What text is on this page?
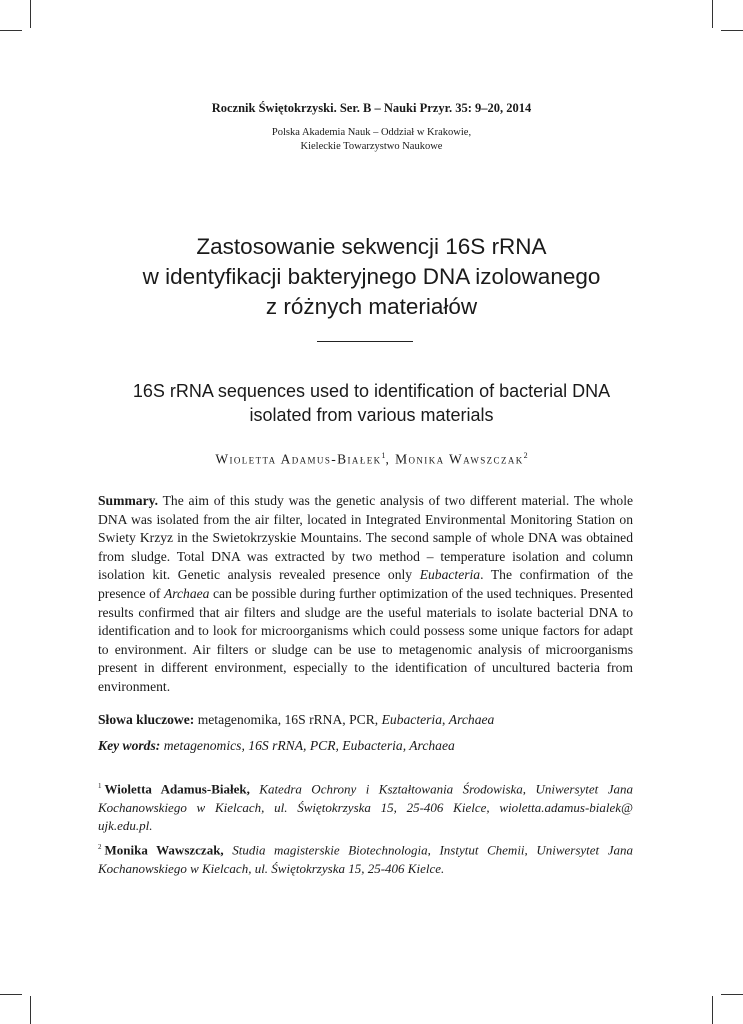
Rocznik Świętokrzyski. Ser. B – Nauki Przyr. 35: 9–20, 2014
Polska Akademia Nauk – Oddział w Krakowie,
Kieleckie Towarzystwo Naukowe
Zastosowanie sekwencji 16S rRNA
w identyfikacji bakteryjnego DNA izolowanego
z różnych materiałów
16S rRNA sequences used to identification of bacterial DNA
isolated from various materials
Wioletta Adamus-Białek$^1$, Monika Wawszczak$^2$
Summary. The aim of this study was the genetic analysis of two different material. The whole DNA was isolated from the air filter, located in Integrated Environmental Monitoring Station on Swiety Krzyz in the Swietokrzyskie Mountains. The second sample of whole DNA was obtained from sludge. Total DNA was extracted by two method – temperature isolation and column isolation kit. Genetic analysis revealed presence only Eubacteria. The confirmation of the presence of Archaea can be possible during further optimization of the used techniques. Presented results confirmed that air filters and sludge are the useful materials to isolate bacterial DNA to identification and to look for microorganisms which could possess some unique factors for adapt to environment. Air filters or sludge can be use to metagenomic analysis of microorganisms present in different environment, especially to the identification of uncultured bacteria from environment.
Słowa kluczowe: metagenomika, 16S rRNA, PCR, Eubacteria, Archaea
Key words: metagenomics, 16S rRNA, PCR, Eubacteria, Archaea
$^1$ Wioletta Adamus-Białek, Katedra Ochrony i Kształtowania Środowiska, Uniwersytet Jana Kochanowskiego w Kielcach, ul. Świętokrzyska 15, 25-406 Kielce, wioletta.adamus-bialek@ ujk.edu.pl.
$^2$ Monika Wawszczak, Studia magisterskie Biotechnologia, Instytut Chemii, Uniwersytet Jana Kochanowskiego w Kielcach, ul. Świętokrzyska 15, 25-406 Kielce.
